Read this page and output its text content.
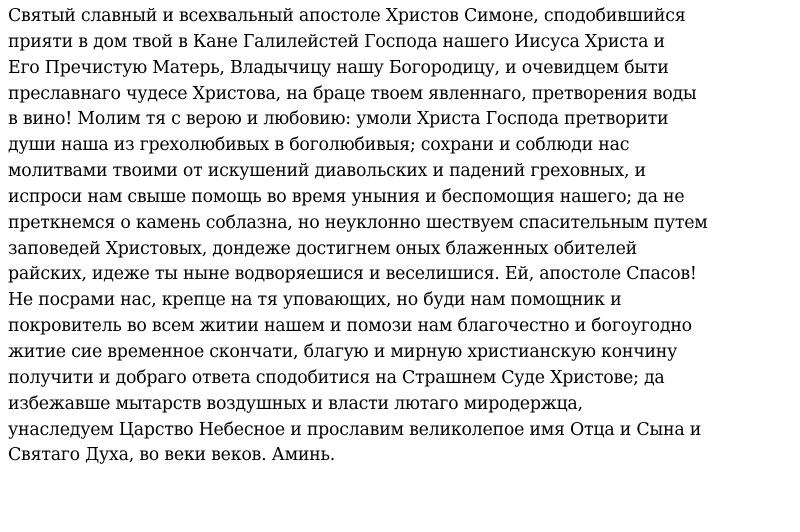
Святый славный и всехвальный апостоле Христов Симоне, сподобившийся
прияти в дом твой в Кане Галилейстей Господа нашего Иисуса Христа и
Его Пречистую Матерь, Владычицу нашу Богородицу, и очевидцем быти
преславнаго чудесе Христова, на браце твоем явленнаго, претворения воды
в вино! Молим тя с верою и любовию: умоли Христа Господа претворити
души наша из грехолюбивых в боголюбивыя; сохрани и соблюди нас
молитвами твоими от искушений диавольских и падений греховных, и
испроси нам свыше помощь во время уныния и беспомощия нашего; да не
преткнемся о камень соблазна, но неуклонно шествуем спасительным путем
заповедей Христовых, дондеже достигнем оных блаженных обителей
райских, идеже ты ныне водворяешися и веселишися. Ей, апостоле Спасов!
Не посрами нас, крепце на тя уповающих, но буди нам помощник и
покровитель во всем житии нашем и помози нам благочестно и богоугодно
житие сие временное скончати, благую и мирную христианскую кончину
получити и добраго ответа сподобитися на Страшнем Суде Христове; да
избежавше мытарств воздушных и власти лютаго миродержца,
унаследуем Царство Небесное и прославим великолепое имя Отца и Сына и
Святаго Духа, во веки веков. Аминь.
